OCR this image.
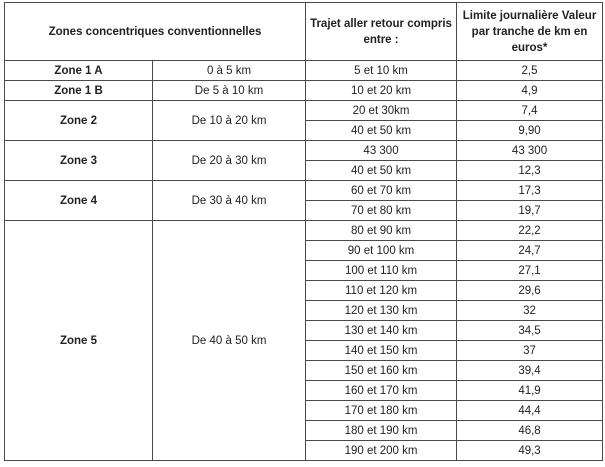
Zones concentriques conventionnelles		Trajet aller retour compris entre :	Limite journalière Valeur par tranche de km en euros*
Zone 1 A	0 à 5 km	5 et 10 km	2,5
Zone 1 B	De 5 à 10 km	10 et 20 km	4,9
Zone 2	De 10 à 20 km	20 et 30km	7,4
		40 et 50 km	9,90
Zone 3	De 20 à 30 km	43 300	43 300
		40 et 50 km	12,3
Zone 4	De 30 à 40 km	60 et 70 km	17,3
		70 et 80 km	19,7
Zone 5	De 40 à 50 km	80 et 90 km	22,2
		90 et 100 km	24,7
		100 et 110 km	27,1
		110 et 120 km	29,6
		120 et 130 km	32
		130 et 140 km	34,5
		140 et 150 km	37
		150 et 160 km	39,4
		160 et 170 km	41,9
		170 et 180 km	44,4
		180 et 190 km	46,8
		190 et 200 km	49,3
